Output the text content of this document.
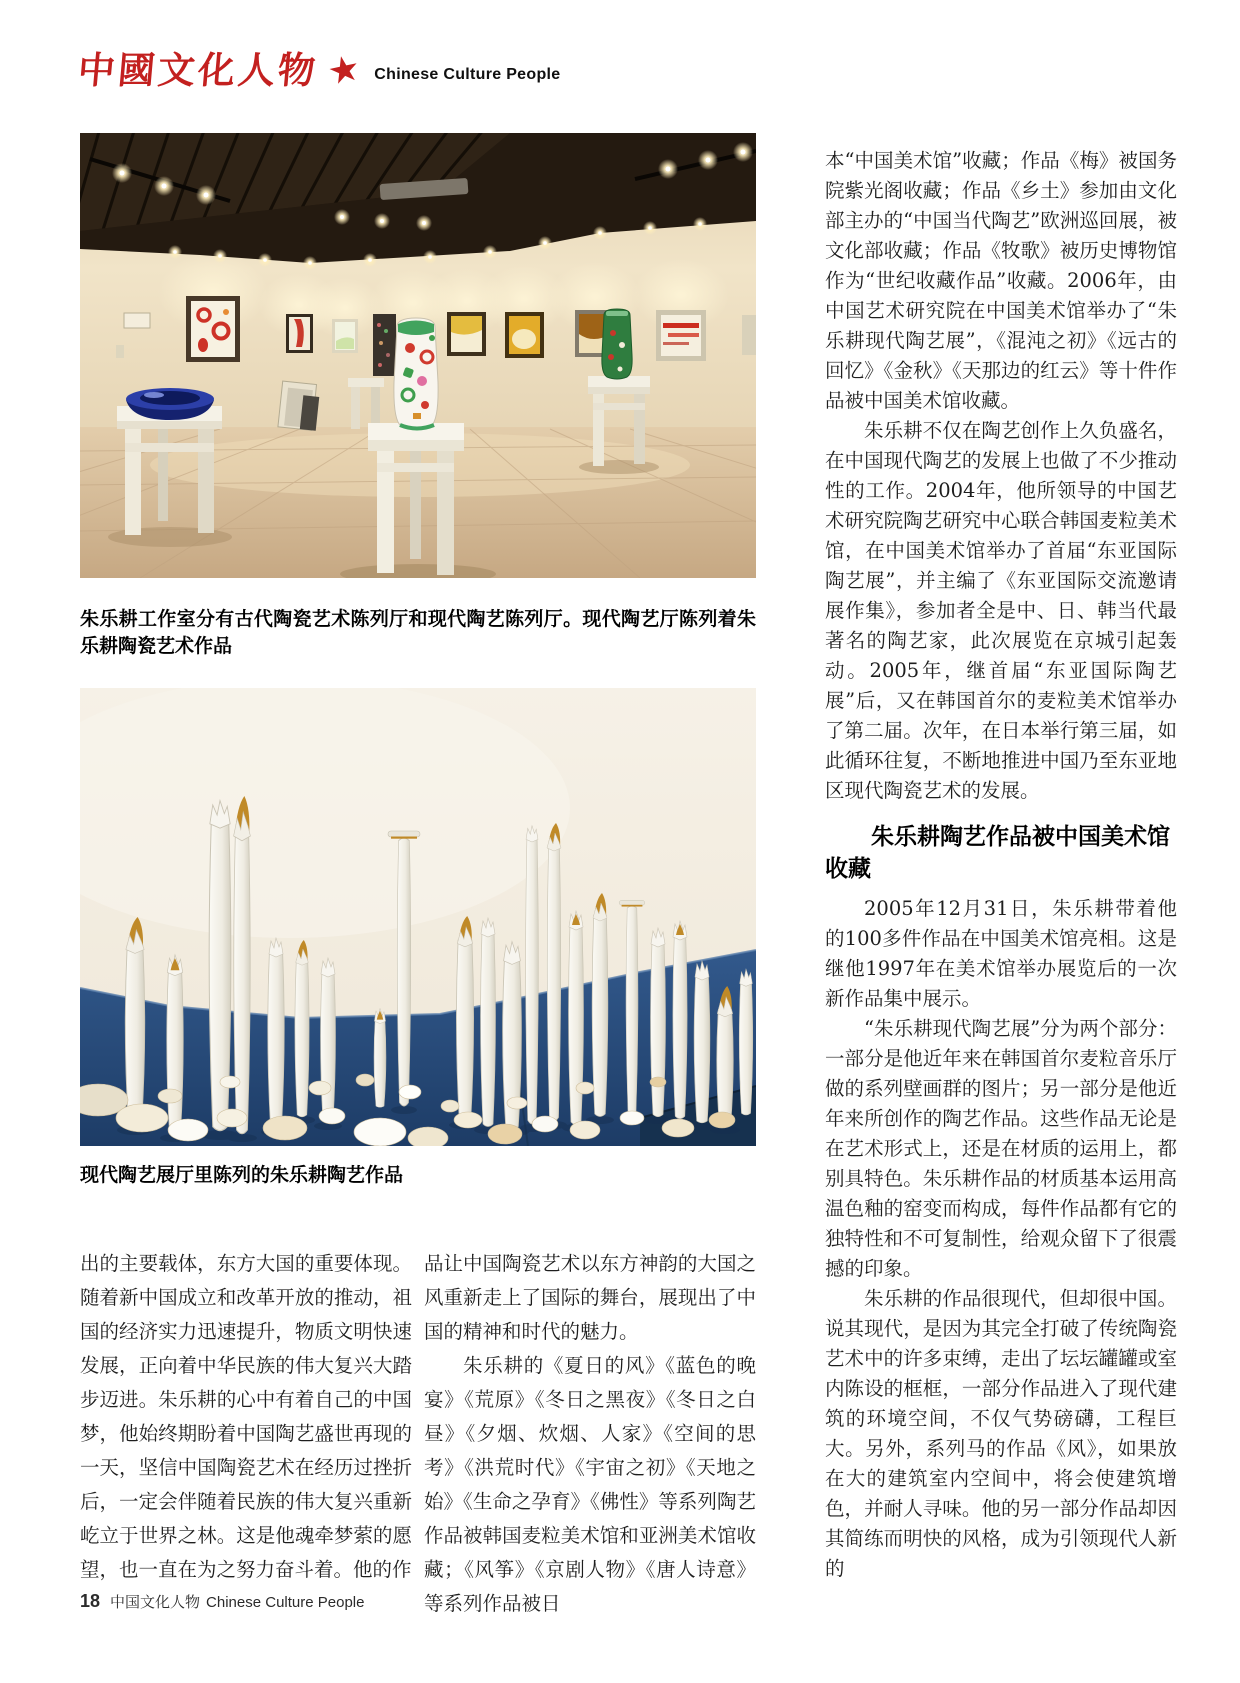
中國文化人物 ★ Chinese Culture People
朱乐耕工作室分有古代陶瓷艺术陈列厅和现代陶艺陈列厅。现代陶艺厅陈列着朱乐耕陶瓷艺术作品
现代陶艺展厅里陈列的朱乐耕陶艺作品

出的主要载体，东方大国的重要体现。随着新中国成立和改革开放的推动，祖国的经济实力迅速提升，物质文明快速发展，正向着中华民族的伟大复兴大踏步迈进。朱乐耕的心中有着自己的中国梦，他始终期盼着中国陶艺盛世再现的一天，坚信中国陶瓷艺术在经历过挫折后，一定会伴随着民族的伟大复兴重新屹立于世界之林。这是他魂牵梦萦的愿望，也一直在为之努力奋斗着。他的作

品让中国陶瓷艺术以东方神韵的大国之风重新走上了国际的舞台，展现出了中国的精神和时代的魅力。

朱乐耕的《夏日的风》《蓝色的晚宴》《荒原》《冬日之黑夜》《冬日之白昼》《夕烟、炊烟、人家》《空间的思考》《洪荒时代》《宇宙之初》《天地之始》《生命之孕育》《佛性》等系列陶艺作品被韩国麦粒美术馆和亚洲美术馆收藏；《风筝》《京剧人物》《唐人诗意》等系列作品被日

本“中国美术馆”收藏；作品《梅》被国务院紫光阁收藏；作品《乡土》参加由文化部主办的“中国当代陶艺”欧洲巡回展，被文化部收藏；作品《牧歌》被历史博物馆作为“世纪收藏作品”收藏。2006年，由中国艺术研究院在中国美术馆举办了“朱乐耕现代陶艺展”，《混沌之初》《远古的回忆》《金秋》《天那边的红云》等十件作品被中国美术馆收藏。

朱乐耕不仅在陶艺创作上久负盛名，在中国现代陶艺的发展上也做了不少推动性的工作。2004年，他所领导的中国艺术研究院陶艺研究中心联合韩国麦粒美术馆，在中国美术馆举办了首届“东亚国际陶艺展”，并主编了《东亚国际交流邀请展作集》，参加者全是中、日、韩当代最著名的陶艺家，此次展览在京城引起轰动。2005年，继首届“东亚国际陶艺展”后，又在韩国首尔的麦粒美术馆举办了第二届。次年，在日本举行第三届，如此循环往复，不断地推进中国乃至东亚地区现代陶瓷艺术的发展。

朱乐耕陶艺作品被中国美术馆收藏

2005年12月31日，朱乐耕带着他的100多件作品在中国美术馆亮相。这是继他1997年在美术馆举办展览后的一次新作品集中展示。

“朱乐耕现代陶艺展”分为两个部分：一部分是他近年来在韩国首尔麦粒音乐厅做的系列壁画群的图片；另一部分是他近年来所创作的陶艺作品。这些作品无论是在艺术形式上，还是在材质的运用上，都别具特色。朱乐耕作品的材质基本运用高温色釉的窑变而构成，每件作品都有它的独特性和不可复制性，给观众留下了很震撼的印象。

朱乐耕的作品很现代，但却很中国。说其现代，是因为其完全打破了传统陶瓷艺术中的许多束缚，走出了坛坛罐罐或室内陈设的框框，一部分作品进入了现代建筑的环境空间，不仅气势磅礴，工程巨大。另外，系列马的作品《风》，如果放在大的建筑室内空间中，将会使建筑增色，并耐人寻味。他的另一部分作品却因其简练而明快的风格，成为引领现代人新的

18 中国文化人物 Chinese Culture People
